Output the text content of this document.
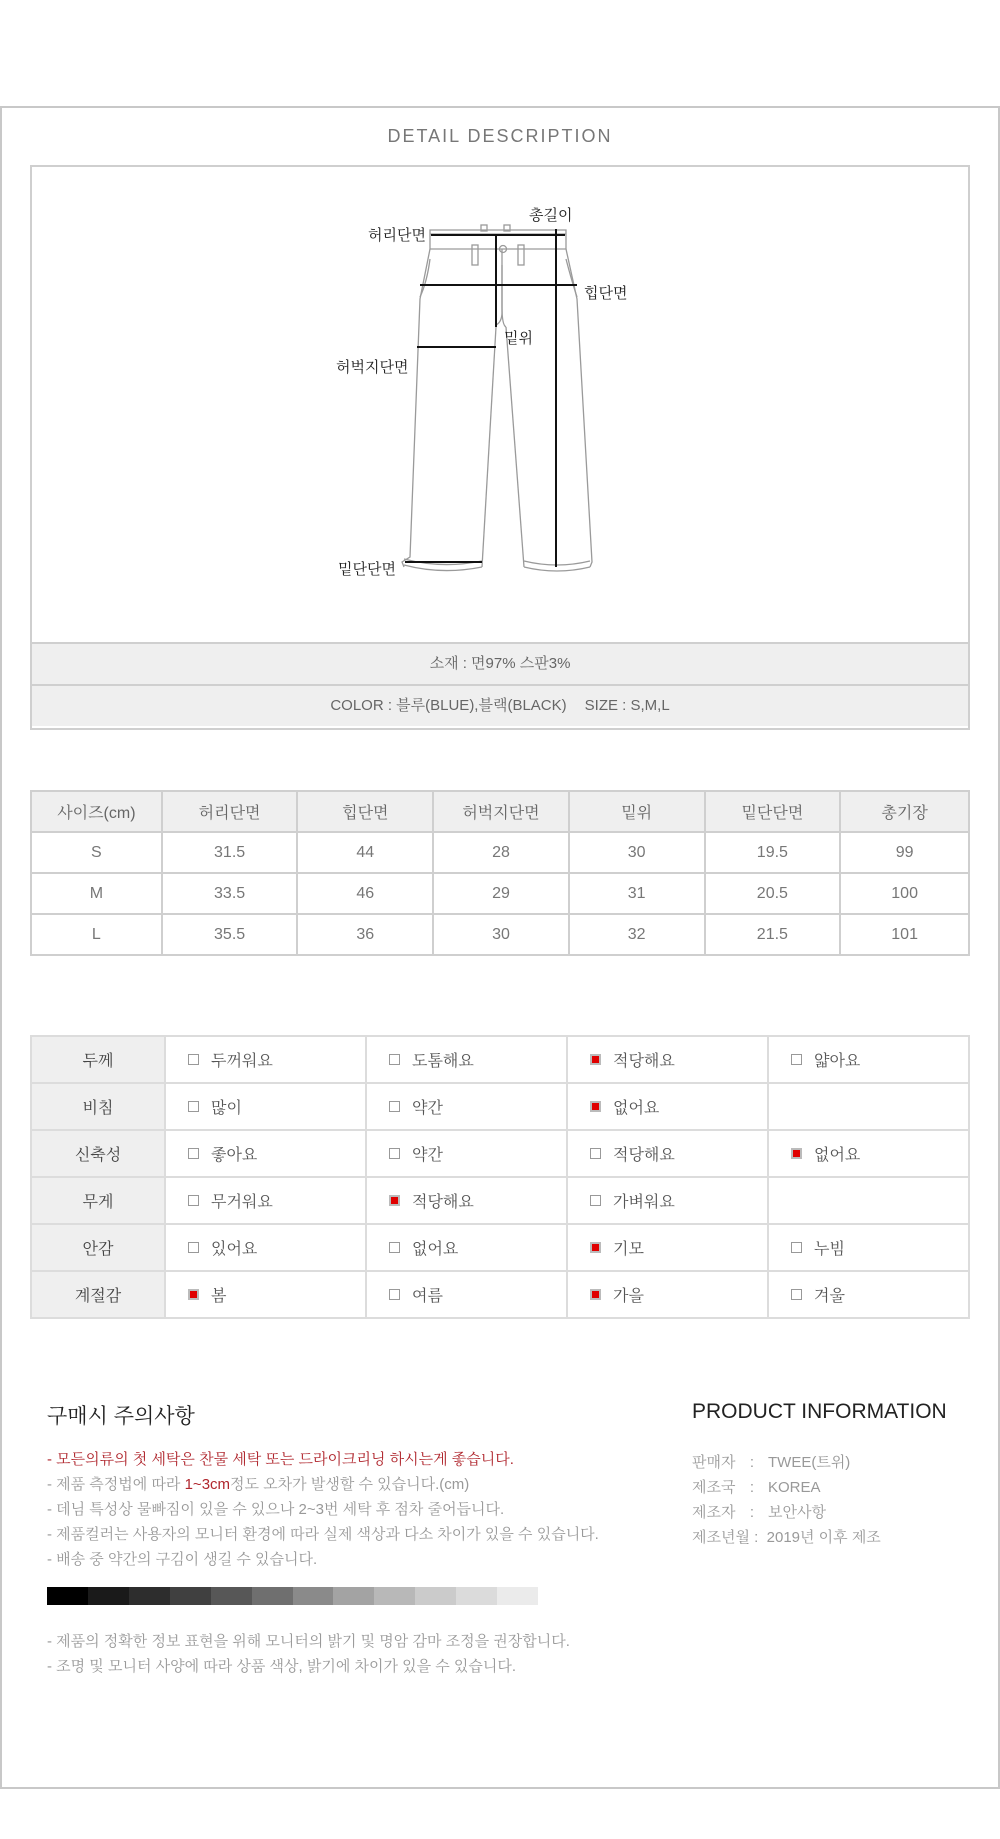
DETAIL DESCRIPTION
허리단면
총길이
힙단면
밑위
허벅지단면
밑단단면
소재 : 면97% 스판3%
COLOR : 블루(BLUE),블랙(BLACK) SIZE : S,M,L
사이즈(cm)	허리단면	힙단면	허벅지단면	밑위	밑단단면	총기장
S	31.5	44	28	30	19.5	99
M	33.5	46	29	31	20.5	100
L	35.5	36	30	32	21.5	101
두께	두꺼워요	도톰해요	적당해요	얇아요
비침	많이	약간	없어요	
신축성	좋아요	약간	적당해요	없어요
무게	무거워요	적당해요	가벼워요	
안감	있어요	없어요	기모	누빔
계절감	봄	여름	가을	겨울
구매시 주의사항
- 모든의류의 첫 세탁은 찬물 세탁 또는 드라이크리닝 하시는게 좋습니다.
- 제품 측정법에 따라 1~3cm정도 오차가 발생할 수 있습니다.(cm)
- 데님 특성상 물빠짐이 있을 수 있으나 2~3번 세탁 후 점차 줄어듭니다.
- 제품컬러는 사용자의 모니터 환경에 따라 실제 색상과 다소 차이가 있을 수 있습니다.
- 배송 중 약간의 구김이 생길 수 있습니다.
- 제품의 정확한 정보 표현을 위해 모니터의 밝기 및 명암 감마 조정을 권장합니다.
- 조명 및 모니터 사양에 따라 상품 색상, 밝기에 차이가 있을 수 있습니다.
PRODUCT INFORMATION
판매자 : TWEE(트위)
제조국 : KOREA
제조자 : 보안사항
제조년월 : 2019년 이후 제조
